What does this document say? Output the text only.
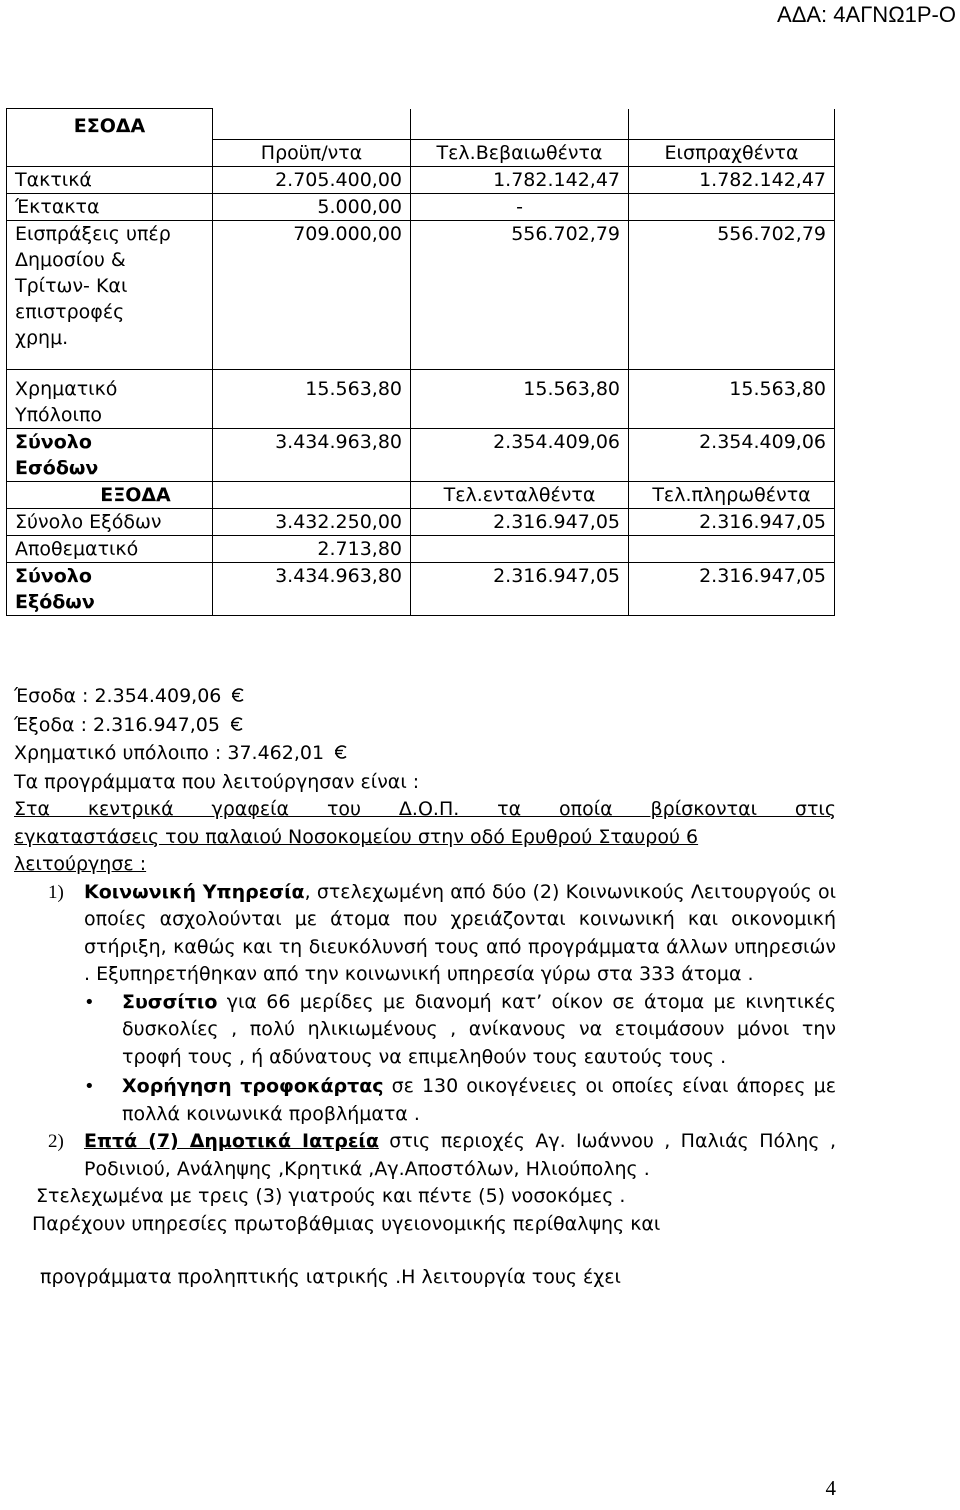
ΑΔΑ: 4ΑΓΝΩ1Ρ-Ο
ΕΣΟΔΑ			
	Προϋπ/ντα	Τελ.Βεβαιωθέντα	Εισπραχθέντα
Τακτικά	2.705.400,00	1.782.142,47	1.782.142,47
Έκτακτα	5.000,00	-	
Εισπράξεις υπέρ Δημοσίου & Τρίτων- Και επιστροφές χρημ.	709.000,00	556.702,79	556.702,79
Χρηματικό Υπόλοιπο	15.563,80	15.563,80	15.563,80
Σύνολο Εσόδων	3.434.963,80	2.354.409,06	2.354.409,06
ΕΞΟΔΑ		Τελ.ενταλθέντα	Τελ.πληρωθέντα
Σύνολο Εξόδων	3.432.250,00	2.316.947,05	2.316.947,05
Αποθεματικό	2.713,80		
Σύνολο Εξόδων	3.434.963,80	2.316.947,05	2.316.947,05
Έσοδα : 2.354.409,06
Έξοδα : 2.316.947,05
Χρηματικό υπόλοιπο : 37.462,01
Τα προγράμματα που λειτούργησαν είναι :
Στα κεντρικά γραφεία του Δ.Ο.Π. τα οποία βρίσκονται στις
εγκαταστάσεις του παλαιού Νοσοκομείου στην οδό Ερυθρού Σταυρού 6
λειτούργησε :
1)	Κοινωνική Υπηρεσία, στελεχωμένη από δύο (2) Κοινωνικούς Λειτουργούς οι οποίες ασχολούνται με άτομα που χρειάζονται κοινωνική και οικονομική στήριξη, καθώς και τη διευκόλυνσή τους από προγράμματα άλλων υπηρεσιών . Εξυπηρετήθηκαν από την κοινωνική υπηρεσία γύρω στα 333 άτομα .
•	Συσσίτιο για 66 μερίδες με διανομή κατ’ οίκον σε άτομα με κινητικές δυσκολίες , πολύ ηλικιωμένους , ανίκανους να ετοιμάσουν μόνοι την τροφή τους , ή αδύνατους να επιμεληθούν τους εαυτούς τους .
•	Χορήγηση τροφοκάρτας σε 130 οικογένειες οι οποίες είναι άπορες με πολλά κοινωνικά προβλήματα .
2)	Επτά (7) Δημοτικά Ιατρεία στις περιοχές Αγ. Ιωάννου , Παλιάς Πόλης , Ροδινιού, Ανάληψης ,Κρητικά ,Αγ.Αποστόλων, Ηλιούπολης .
Στελεχωμένα με τρεις (3) γιατρούς και πέντε (5) νοσοκόμες .
Παρέχουν υπηρεσίες πρωτοβάθμιας υγειονομικής περίθαλψης και
προγράμματα προληπτικής ιατρικής .Η λειτουργία τους έχει
4
